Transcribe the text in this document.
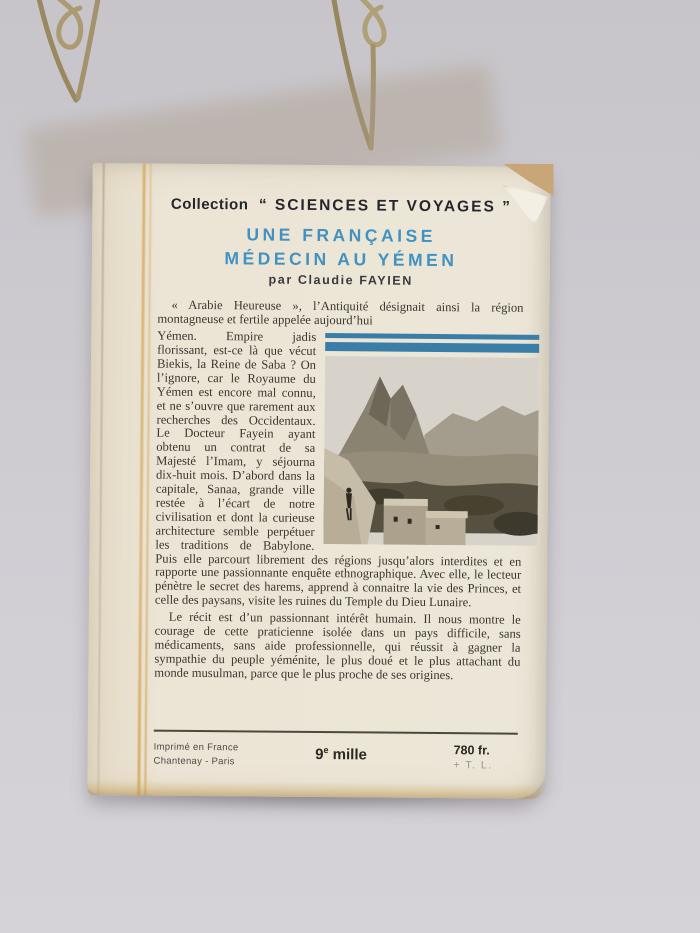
Collection “ SCIENCES ET VOYAGES ”
UNE FRANÇAISE
MÉDECIN AU YÉMEN
par Claudie FAYIEN

« Arabie Heureuse », l’Antiquité désignait ainsi la région montagneuse et fertile appelée aujourd’hui

Yémen. Empire jadis florissant, est-ce là que vécut Biekis, la Reine de Saba ? On l’ignore, car le Royaume du Yémen est encore mal connu, et ne s’ouvre que rarement aux recherches des Occidentaux. Le Docteur Fayein ayant obtenu un contrat de sa Majesté l’Imam, y séjourna dix-huit mois. D’abord dans la capitale, Sanaa, grande ville restée à l’écart de notre civilisation et dont la curieuse architecture semble perpétuer les traditions de Babylone. Puis elle parcourt librement des régions jusqu’alors interdites et en rapporte une passionnante enquête ethnographique. Avec elle, le lecteur pénètre le secret des harems, apprend à connaitre la vie des Princes, et celle des paysans, visite les ruines du Temple du Dieu Lunaire.

Le récit est d’un passionnant intérêt humain. Il nous montre le courage de cette praticienne isolée dans un pays difficile, sans médicaments, sans aide professionnelle, qui réussit à gagner la sympathie du peuple yéménite, le plus doué et le plus attachant du monde musulman, parce que le plus proche de ses origines.

Imprimé en France
Chantenay - Paris	9e mille	780 fr.
+ T. L.
